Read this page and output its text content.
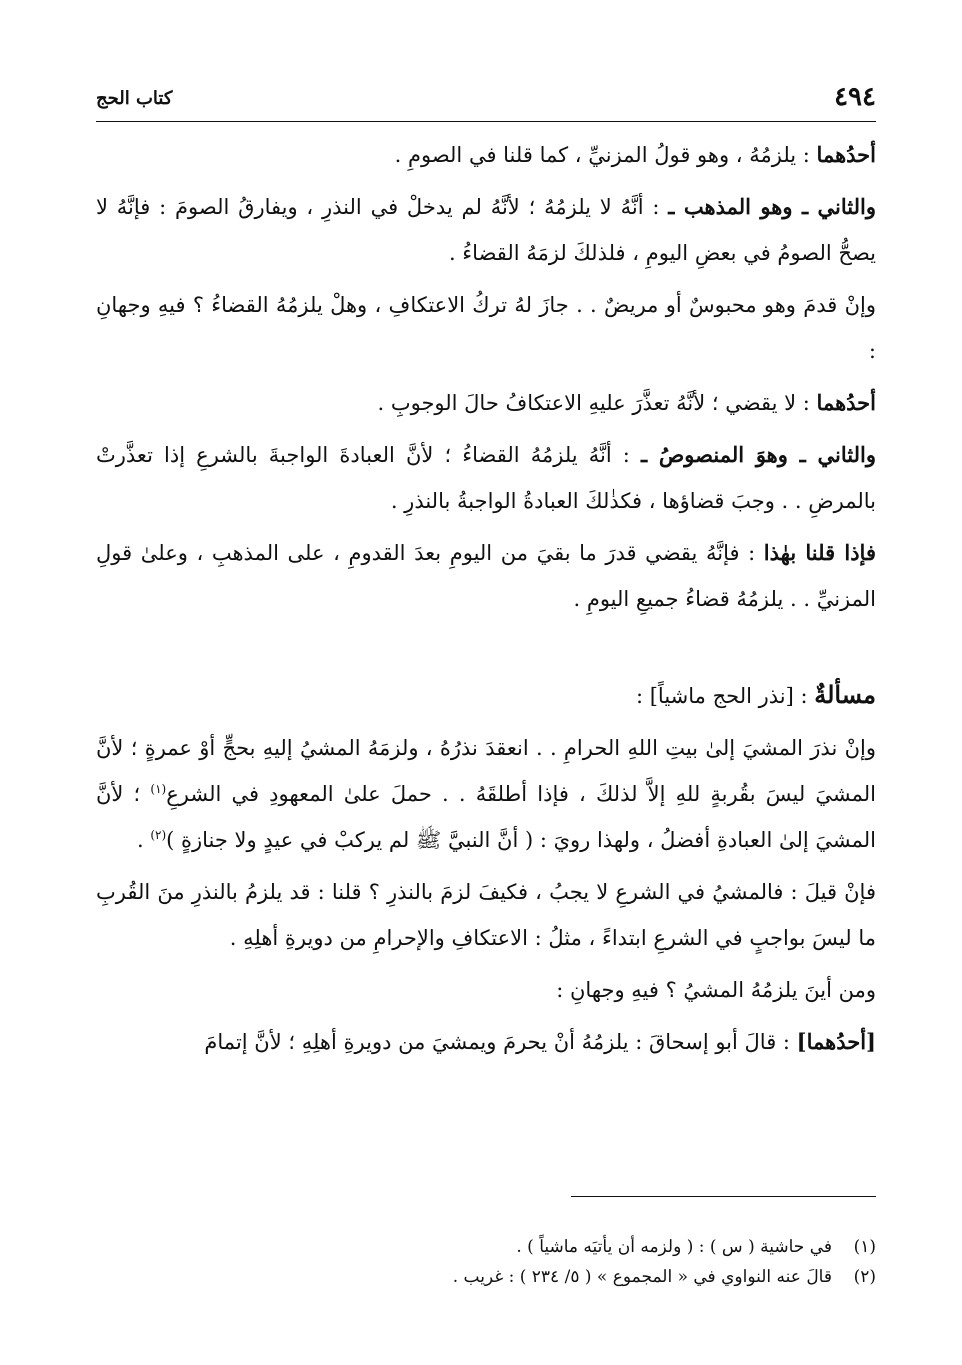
٤٩٤
كتاب الحج

أحدُهما : يلزمُهُ ، وهو قولُ المزنيِّ ، كما قلنا في الصومِ .

والثاني ـ وهو المذهب ـ : أنَّهُ لا يلزمُهُ ؛ لأنَّهُ لم يدخلْ في النذرِ ، ويفارقُ الصومَ : فإنَّهُ لا يصحُّ الصومُ في بعضِ اليومِ ، فلذلكَ لزمَهُ القضاءُ .

وإنْ قدمَ وهو محبوسٌ أو مريضٌ . . جازَ لهُ تركُ الاعتكافِ ، وهلْ يلزمُهُ القضاءُ ؟ فيهِ وجهانِ :

أحدُهما : لا يقضي ؛ لأنَّهُ تعذَّرَ عليهِ الاعتكافُ حالَ الوجوبِ .

والثاني ـ وهوَ المنصوصُ ـ : أنَّهُ يلزمُهُ القضاءُ ؛ لأنَّ العبادةَ الواجبةَ بالشرعِ إذا تعذَّرتْ بالمرضِ . . وجبَ قضاؤها ، فكذٰلكَ العبادةُ الواجبةُ بالنذرِ .

فإذا قلنا بهٰذا : فإنَّهُ يقضي قدرَ ما بقيَ من اليومِ بعدَ القدومِ ، على المذهبِ ، وعلىٰ قولِ المزنيِّ . . يلزمُهُ قضاءُ جميعِ اليومِ .

مسألةٌ : [نذر الحج ماشياً] :

وإنْ نذرَ المشيَ إلىٰ بيتِ اللهِ الحرامِ . . انعقدَ نذرُهُ ، ولزمَهُ المشيُ إليهِ بحجٍّ أوْ عمرةٍ ؛ لأنَّ المشيَ ليسَ بقُربةٍ للهِ إلاَّ لذلكَ ، فإذا أطلقَهُ . . حملَ علىٰ المعهودِ في الشرعِ$^{(١)}$ ؛ لأنَّ المشيَ إلىٰ العبادةِ أفضلُ ، ولهذا رويَ : ( أنَّ النبيَّ ﷺ لم يركبْ في عيدٍ ولا جنازةٍ )$^{(٢)}$ .

فإنْ قيلَ : فالمشيُ في الشرعِ لا يجبُ ، فكيفَ لزمَ بالنذرِ ؟ قلنا : قد يلزمُ بالنذرِ منَ القُربِ ما ليسَ بواجبٍ في الشرعِ ابتداءً ، مثلُ : الاعتكافِ والإحرامِ من دويرةِ أهلِهِ .

ومن أينَ يلزمُهُ المشيُ ؟ فيهِ وجهانِ :

[أحدُهما] : قالَ أبو إسحاقَ : يلزمُهُ أنْ يحرمَ ويمشيَ من دويرةِ أهلِهِ ؛ لأنَّ إتمامَ

(١)
في حاشية ( س ) : ( ولزمه أن يأتيَه ماشياً ) .
(٢)
قالَ عنه النواوي في « المجموع » ( ٥/ ٢٣٤ ) : غريب .
